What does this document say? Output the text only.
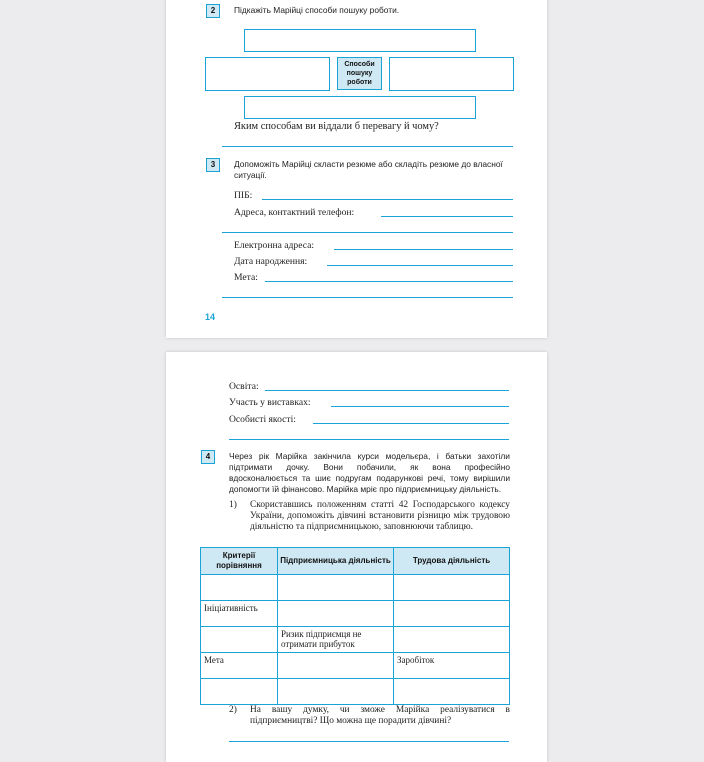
2	Підкажіть Марійці способи пошуку роботи.
Способи пошуку роботи
Яким способам ви віддали б перевагу й чому?
3	Допоможіть Марійці скласти резюме або складіть резюме до власної ситуації.
ПІБ:
Адреса, контактний телефон:
Електронна адреса:
Дата народження:
Мета:
14
Освіта:
Участь у виставках:
Особисті якості:
4	Через рік Марійка закінчила курси модельєра, і батьки захотіли підтримати дочку. Вони побачили, як вона професійно вдосконалюється та шиє подругам подарункові речі, тому вирішили допомогти їй фінансово. Марійка мріє про підприємницьку діяльність.
1) Скориставшись положенням статті 42 Господарського кодексу України, допоможіть дівчині встановити різницю між трудовою діяльністю та підприємницькою, заповнюючи таблицю.
Критерії порівняння	Підприємницька діяльність	Трудова діяльність

Ініціативність		
	Ризик підприємця не отримати прибуток	
Мета		Заробіток

2) На вашу думку, чи зможе Марійка реалізуватися в підприємництві? Що можна ще порадити дівчині?
